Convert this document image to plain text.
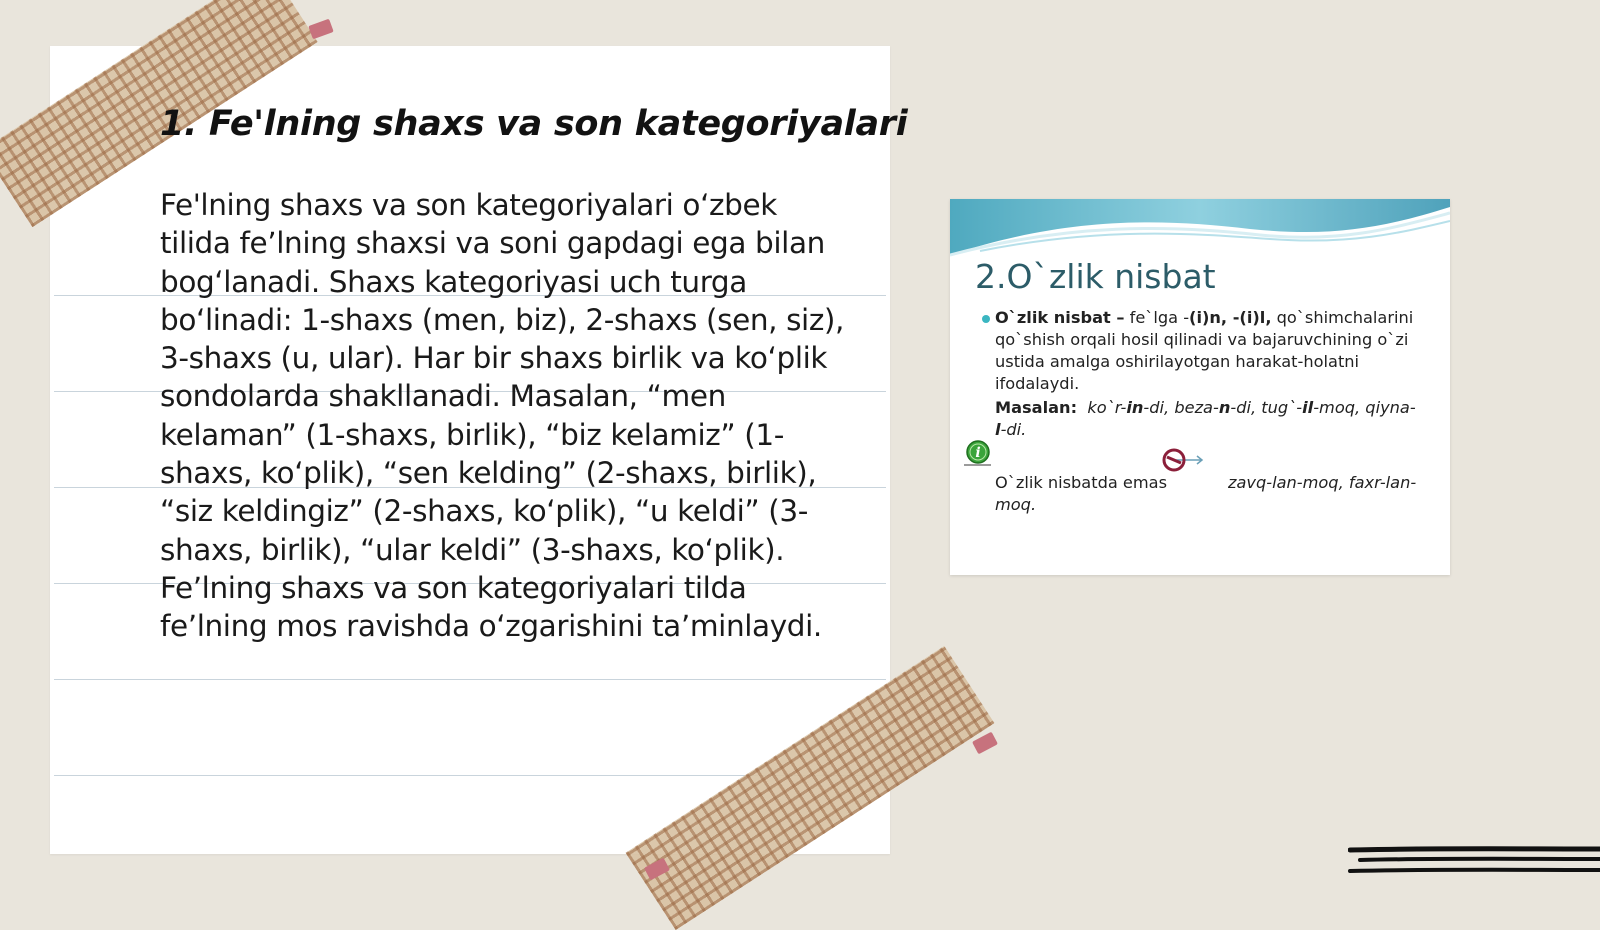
1. Fe'lning shaxs va son kategoriyalari

Fe'lning shaxs va son kategoriyalari o‘zbek tilida fe’lning shaxsi va soni gapdagi ega bilan bog‘lanadi. Shaxs kategoriyasi uch turga bo‘linadi: 1-shaxs (men, biz), 2-shaxs (sen, siz), 3-shaxs (u, ular). Har bir shaxs birlik va ko‘plik sondolarda shakllanadi. Masalan, “men kelaman” (1-shaxs, birlik), “biz kelamiz” (1-shaxs, ko‘plik), “sen kelding” (2-shaxs, birlik), “siz keldingiz” (2-shaxs, ko‘plik), “u keldi” (3-shaxs, birlik), “ular keldi” (3-shaxs, ko‘plik). Fe’lning shaxs va son kategoriyalari tilda fe’lning mos ravishda o‘zgarishini ta’minlaydi.

2.O`zlik nisbat

O`zlik nisbat – fe`lga -(i)n, -(i)l, qo`shimchalarini qo`shish orqali hosil qilinadi va bajaruvchining o`zi ustida amalga oshirilayotgan harakat-holatni ifodalaydi.

Masalan: ko`r-in-di, beza-n-di, tug`-il-moq, qiyna-l-di.

i

O`zlik nisbatda emas	zavq-lan-moq, faxr-lan-moq.
